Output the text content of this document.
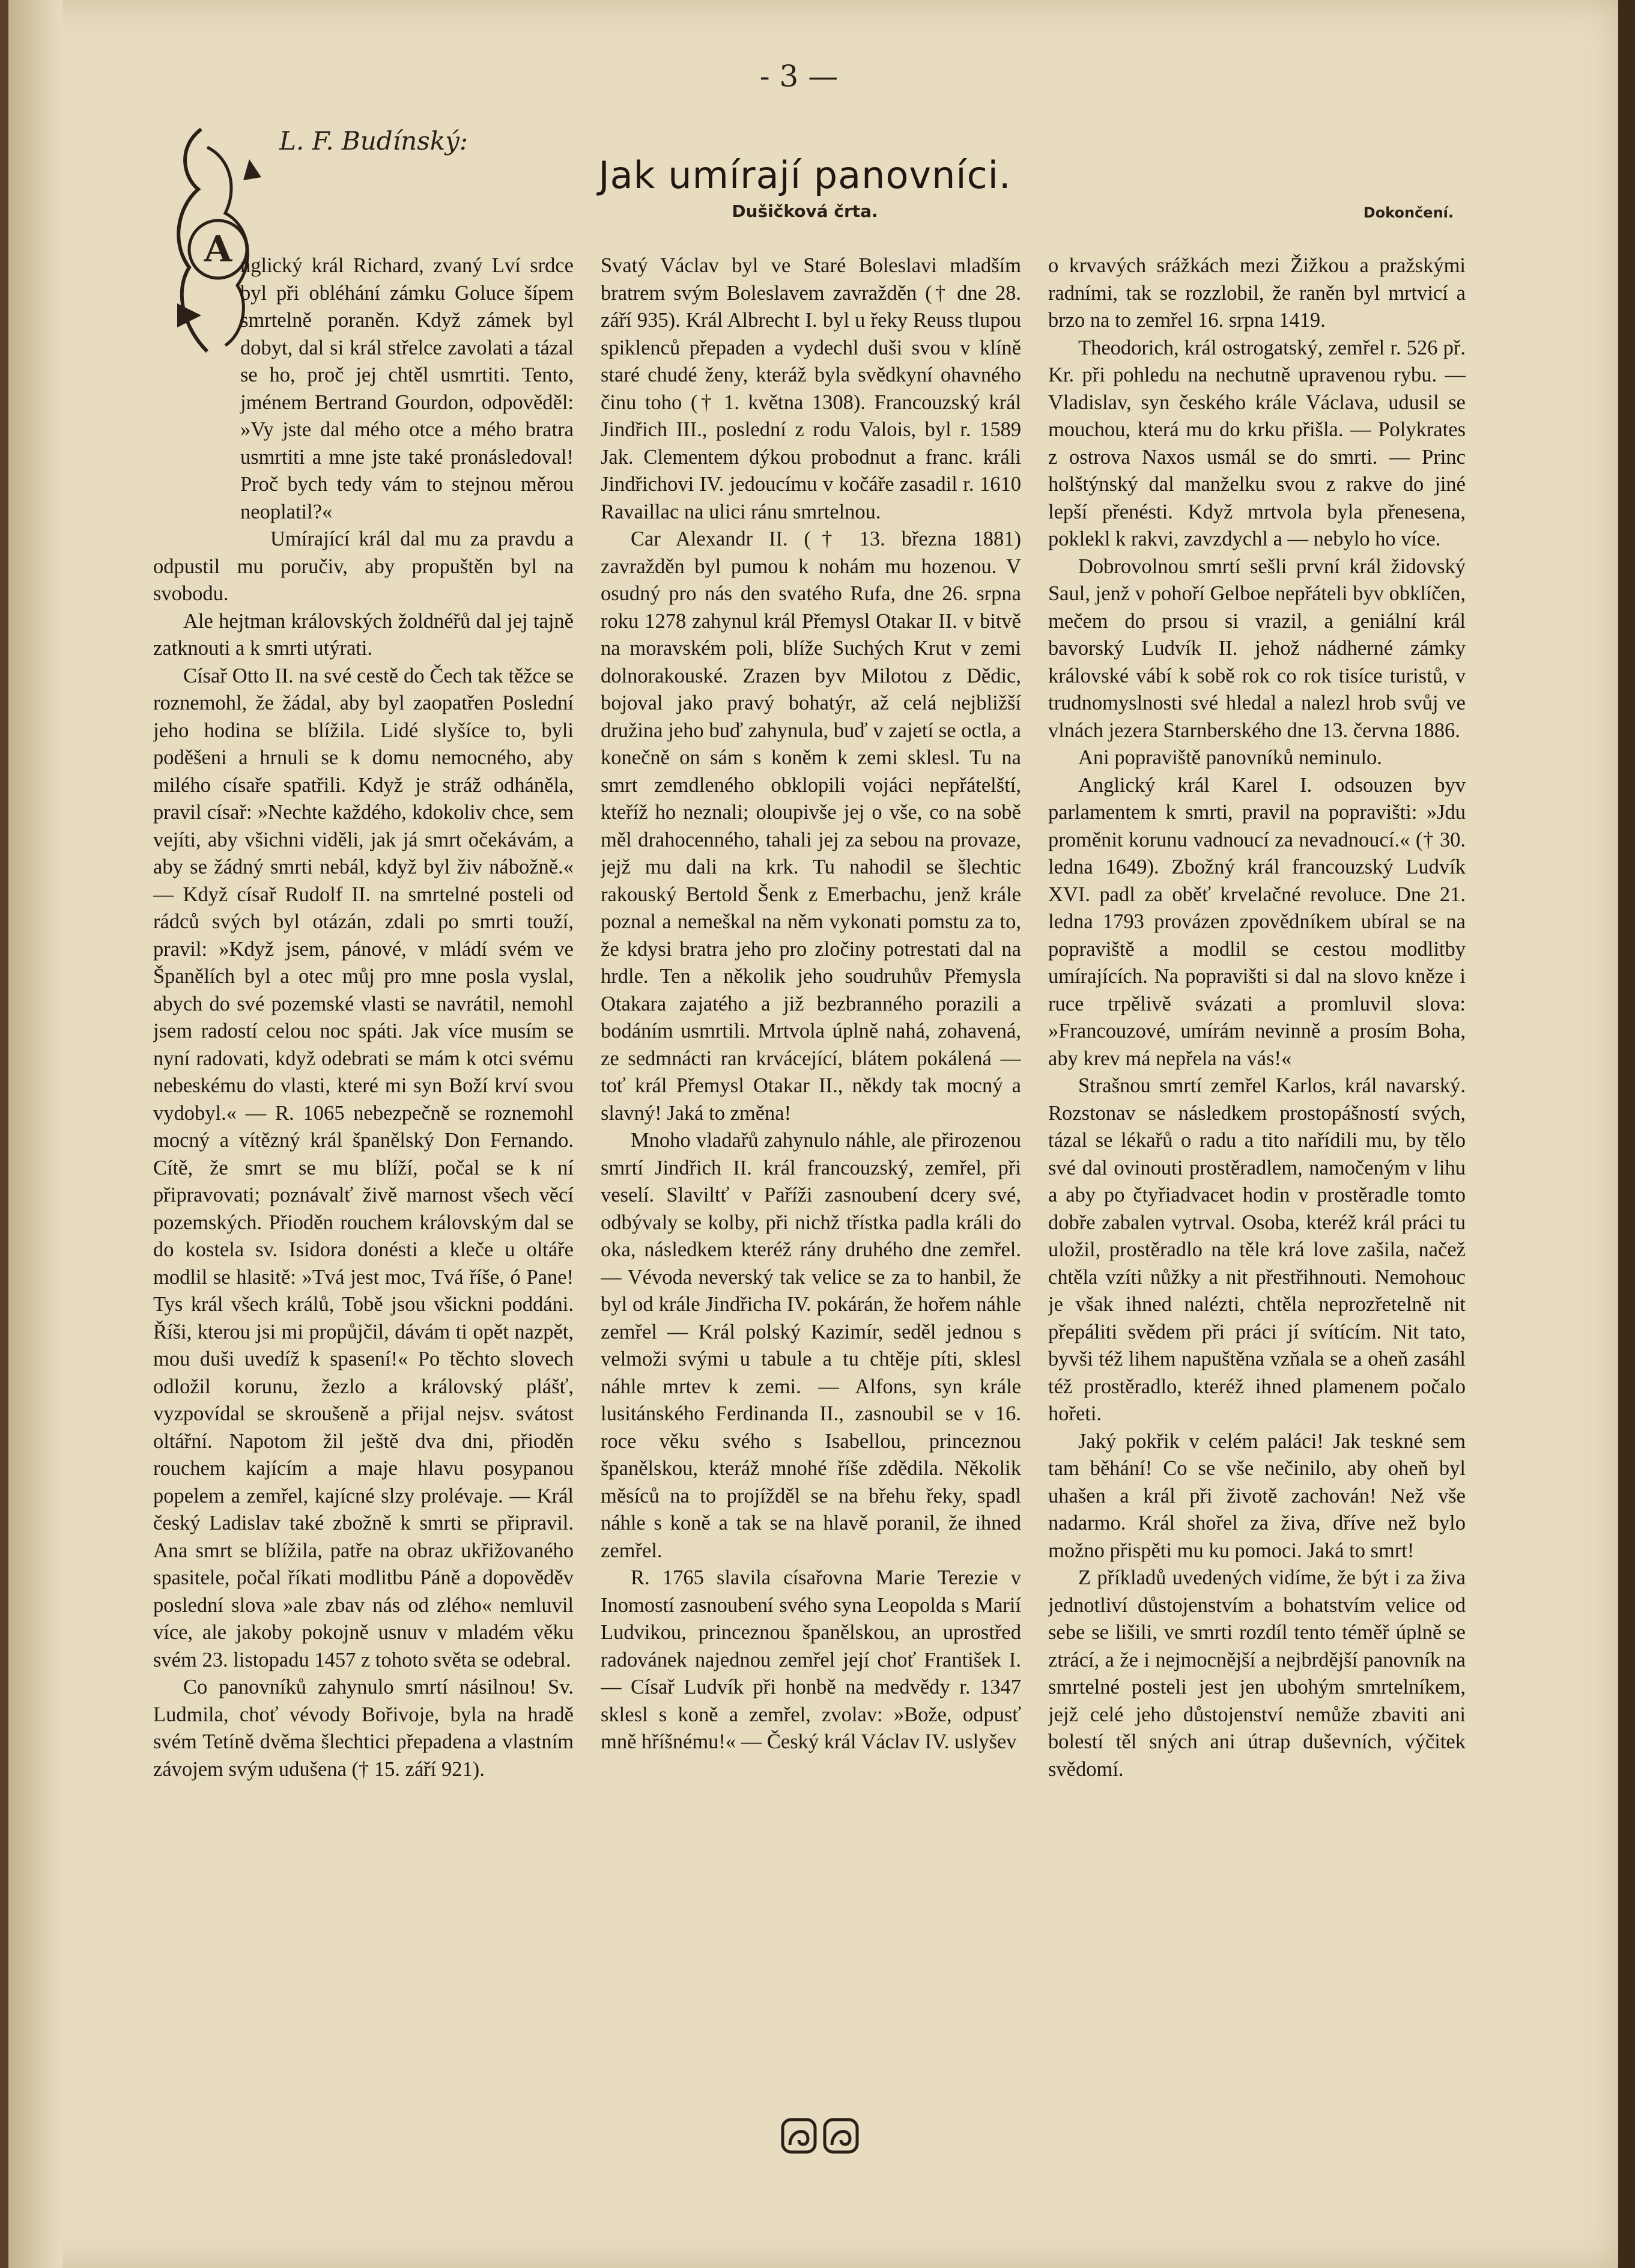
- 3 —
L. F. Budínský:
Jak umírají panovníci.
Dušičková črta.	Dokončení.
A nglický král Richard, zvaný Lví srdce byl při obléhání zámku Goluce šípem smrtelně poraněn. Když zámek byl dobyt, dal si král střelce zavolati a tázal se ho, proč jej chtěl usmrtiti. Tento, jménem Bertrand Gourdon, odpověděl: »Vy jste dal mého otce a mého bratra usmrtiti a mne jste také pronásledoval! Proč bych tedy vám to stejnou měrou neoplatil?«

Umírající král dal mu za pravdu a odpustil mu poručiv, aby propuštěn byl na svobodu.

Ale hejtman královských žoldnéřů dal jej tajně zatknouti a k smrti utýrati.

Císař Otto II. na své cestě do Čech tak těžce se roznemohl, že žádal, aby byl zaopatřen Poslední jeho hodina se blížila. Lidé slyšíce to, byli poděšeni a hrnuli se k domu nemocného, aby milého císaře spatřili. Když je stráž odháněla, pravil císař: »Nechte každého, kdokoliv chce, sem vejíti, aby všichni viděli, jak já smrt očekávám, a aby se žádný smrti nebál, když byl živ nábožně.« — Když císař Rudolf II. na smrtelné posteli od rádců svých byl otázán, zdali po smrti touží, pravil: »Když jsem, pánové, v mládí svém ve Španělích byl a otec můj pro mne posla vyslal, abych do své pozemské vlasti se navrátil, nemohl jsem radostí celou noc spáti. Jak více musím se nyní radovati, když odebrati se mám k otci svému nebeskému do vlasti, které mi syn Boží krví svou vydobyl.« — R. 1065 nebezpečně se roznemohl mocný a vítězný král španělský Don Fernando. Cítě, že smrt se mu blíží, počal se k ní připravovati; poznávalť živě marnost všech věcí pozemských. Přioděn rouchem královským dal se do kostela sv. Isidora donésti a kleče u oltáře modlil se hlasitě: »Tvá jest moc, Tvá říše, ó Pane! Tys král všech králů, Tobě jsou všickni poddáni. Říši, kterou jsi mi propůjčil, dávám ti opět nazpět, mou duši uvedíž k spasení!« Po těchto slovech odložil korunu, žezlo a královský plášť, vyzpovídal se skroušeně a přijal nejsv. svátost oltářní. Napotom žil ještě dva dni, přioděn rouchem kajícím a maje hlavu posypanou popelem a zemřel, kajícné slzy prolévaje. — Král český Ladislav také zbožně k smrti se připravil. Ana smrt se blížila, patře na obraz ukřižovaného spasitele, počal říkati modlitbu Páně a dopověděv poslední slova »ale zbav nás od zlého« nemluvil více, ale jakoby pokojně usnuv v mladém věku svém 23. listopadu 1457 z tohoto světa se odebral.

Co panovníků zahynulo smrtí násilnou! Sv. Ludmila, choť vévody Bořivoje, byla na hradě svém Tetíně dvěma šlechtici přepadena a vlastním závojem svým udušena († 15. září 921).

Svatý Václav byl ve Staré Boleslavi mladším bratrem svým Boleslavem zavražděn († dne 28. září 935). Král Albrecht I. byl u řeky Reuss tlupou spiklenců přepaden a vydechl duši svou v klíně staré chudé ženy, kteráž byla svědkyní ohavného činu toho († 1. května 1308). Francouzský král Jindřich III., poslední z rodu Valois, byl r. 1589 Jak. Clementem dýkou probodnut a franc. králi Jindřichovi IV. jedoucímu v kočáře zasadil r. 1610 Ravaillac na ulici ránu smrtelnou.

Car Alexandr II. († 13. března 1881) zavražděn byl pumou k nohám mu hozenou. V osudný pro nás den svatého Rufa, dne 26. srpna roku 1278 zahynul král Přemysl Otakar II. v bitvě na moravském poli, blíže Suchých Krut v zemi dolnorakouské. Zrazen byv Milotou z Dědic, bojoval jako pravý bohatýr, až celá nejbližší družina jeho buď zahynula, buď v zajetí se octla, a konečně on sám s koněm k zemi sklesl. Tu na smrt zemdleného obklopili vojáci nepřátelští, kteříž ho neznali; oloupivše jej o vše, co na sobě měl drahocenného, tahali jej za sebou na provaze, jejž mu dali na krk. Tu nahodil se šlechtic rakouský Bertold Šenk z Emerbachu, jenž krále poznal a nemeškal na něm vykonati pomstu za to, že kdysi bratra jeho pro zločiny potrestati dal na hrdle. Ten a několik jeho soudruhův Přemysla Otakara zajatého a již bezbranného porazili a bodáním usmrtili. Mrtvola úplně nahá, zohavená, ze sedmnácti ran krvácející, blátem pokálená — toť král Přemysl Otakar II., někdy tak mocný a slavný! Jaká to změna!

Mnoho vladařů zahynulo náhle, ale přirozenou smrtí Jindřich II. král francouzský, zemřel, při veselí. Slaviltť v Paříži zasnoubení dcery své, odbývaly se kolby, při nichž třístka padla králi do oka, následkem kteréž rány druhého dne zemřel. — Vévoda neverský tak velice se za to hanbil, že byl od krále Jindřicha IV. pokárán, že hořem náhle zemřel — Král polský Kazimír, seděl jednou s velmoži svými u tabule a tu chtěje píti, sklesl náhle mrtev k zemi. — Alfons, syn krále lusitánského Ferdinanda II., zasnoubil se v 16. roce věku svého s Isabellou, princeznou španělskou, kteráž mnohé říše zdědila. Několik měsíců na to projížděl se na břehu řeky, spadl náhle s koně a tak se na hlavě poranil, že ihned zemřel.

R. 1765 slavila císařovna Marie Terezie v Inomostí zasnoubení svého syna Leopolda s Marií Ludvikou, princeznou španělskou, an uprostřed radovánek najednou zemřel její choť František I. — Císař Ludvík při honbě na medvědy r. 1347 sklesl s koně a zemřel, zvolav: »Bože, odpusť mně hříšnému!« — Český král Václav IV. uslyšev

o krvavých srážkách mezi Žižkou a pražskými radními, tak se rozzlobil, že raněn byl mrtvicí a brzo na to zemřel 16. srpna 1419.

Theodorich, král ostrogatský, zemřel r. 526 př. Kr. při pohledu na nechutně upravenou rybu. — Vladislav, syn českého krále Václava, udusil se mouchou, která mu do krku přišla. — Polykrates z ostrova Naxos usmál se do smrti. — Princ holštýnský dal manželku svou z rakve do jiné lepší přenésti. Když mrtvola byla přenesena, poklekl k rakvi, zavzdychl a — nebylo ho více.

Dobrovolnou smrtí sešli první král židovský Saul, jenž v pohoří Gelboe nepřáteli byv obklíčen, mečem do prsou si vrazil, a geniální král bavorský Ludvík II. jehož nádherné zámky královské vábí k sobě rok co rok tisíce turistů, v trudnomyslnosti své hledal a nalezl hrob svůj ve vlnách jezera Starnberského dne 13. června 1886.

Ani popraviště panovníků neminulo.

Anglický král Karel I. odsouzen byv parlamentem k smrti, pravil na popravišti: »Jdu proměnit korunu vadnoucí za nevadnoucí.« († 30. ledna 1649). Zbožný král francouzský Ludvík XVI. padl za oběť krvelačné revoluce. Dne 21. ledna 1793 provázen zpovědníkem ubíral se na popraviště a modlil se cestou modlitby umírajících. Na popravišti si dal na slovo kněze i ruce trpělivě svázati a promluvil slova: »Francouzové, umírám nevinně a prosím Boha, aby krev má nepřela na vás!«

Strašnou smrtí zemřel Karlos, král navarský. Rozstonav se následkem prostopášností svých, tázal se lékařů o radu a tito nařídili mu, by tělo své dal ovinouti prostěradlem, namočeným v lihu a aby po čtyřiadvacet hodin v prostěradle tomto dobře zabalen vytrval. Osoba, kteréž král práci tu uložil, prostěradlo na těle krá love zašila, načež chtěla vzíti nůžky a nit přestřihnouti. Nemohouc je však ihned nalézti, chtěla neprozřetelně nit přepáliti svědem při práci jí svítícím. Nit tato, byvši též lihem napuštěna vzňala se a oheň zasáhl též prostěradlo, kteréž ihned plamenem počalo hořeti.

Jaký pokřik v celém paláci! Jak teskné sem tam běhání! Co se vše nečinilo, aby oheň byl uhašen a král při životě zachován! Než vše nadarmo. Král shořel za živa, dříve než bylo možno přispěti mu ku pomoci. Jaká to smrt!

Z příkladů uvedených vidíme, že být i za živa jednotliví důstojenstvím a bohatstvím velice od sebe se lišili, ve smrti rozdíl tento téměř úplně se ztrácí, a že i nejmocnější a nejbrdější panovník na smrtelné posteli jest jen ubohým smrtelníkem, jejž celé jeho důstojenství nemůže zbaviti ani bolestí těl sných ani útrap duševních, výčitek svědomí.
